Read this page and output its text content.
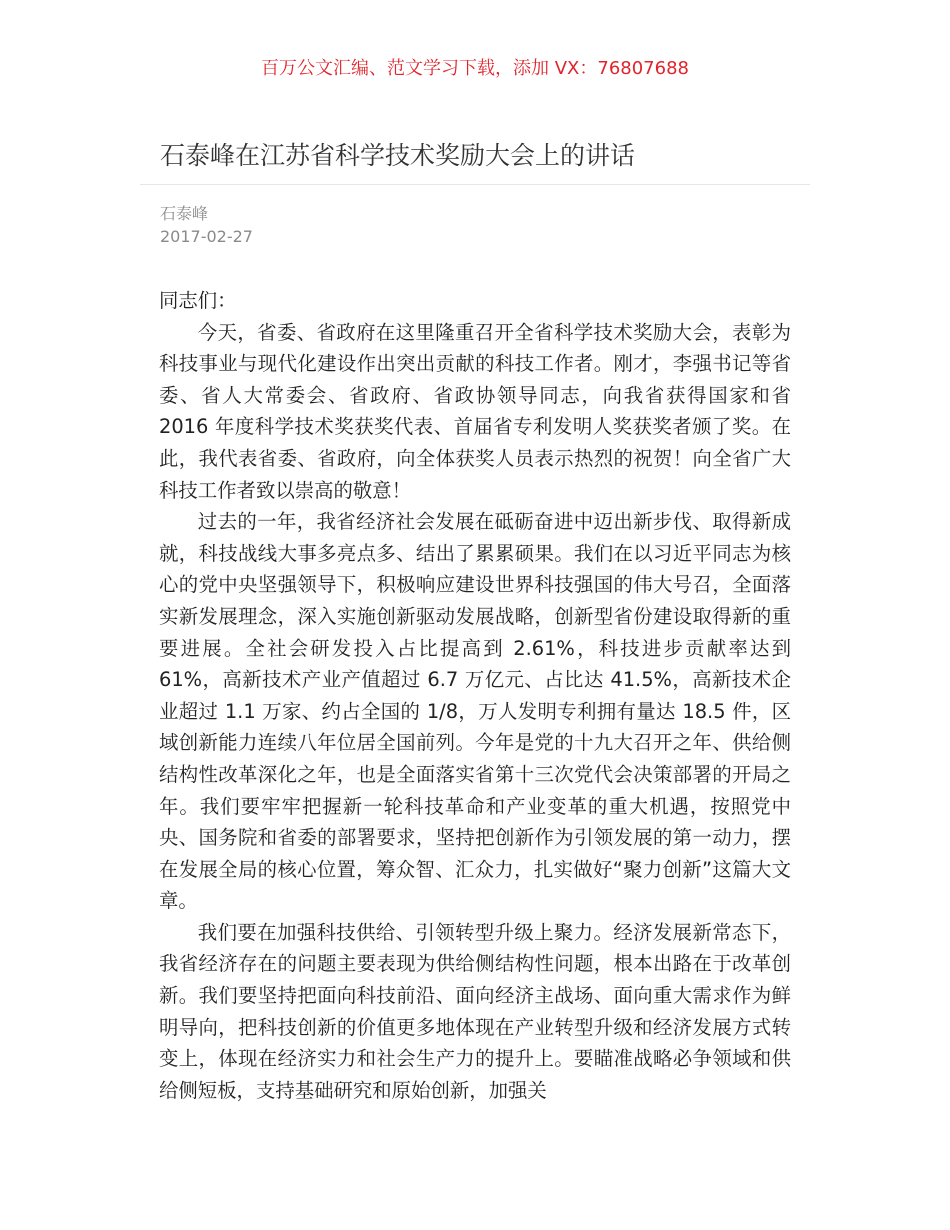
百万公文汇编、范文学习下载，添加 VX：76807688
石泰峰在江苏省科学技术奖励大会上的讲话
石泰峰
2017-02-27

同志们：

今天，省委、省政府在这里隆重召开全省科学技术奖励大会，表彰为科技事业与现代化建设作出突出贡献的科技工作者。刚才，李强书记等省委、省人大常委会、省政府、省政协领导同志，向我省获得国家和省 2016 年度科学技术奖获奖代表、首届省专利发明人奖获奖者颁了奖。在此，我代表省委、省政府，向全体获奖人员表示热烈的祝贺！向全省广大科技工作者致以崇高的敬意！

过去的一年，我省经济社会发展在砥砺奋进中迈出新步伐、取得新成就，科技战线大事多亮点多、结出了累累硕果。我们在以习近平同志为核心的党中央坚强领导下，积极响应建设世界科技强国的伟大号召，全面落实新发展理念，深入实施创新驱动发展战略，创新型省份建设取得新的重要进展。全社会研发投入占比提高到 2.61%，科技进步贡献率达到 61%，高新技术产业产值超过 6.7 万亿元、占比达 41.5%，高新技术企业超过 1.1 万家、约占全国的 1/8，万人发明专利拥有量达 18.5 件，区域创新能力连续八年位居全国前列。今年是党的十九大召开之年、供给侧结构性改革深化之年，也是全面落实省第十三次党代会决策部署的开局之年。我们要牢牢把握新一轮科技革命和产业变革的重大机遇，按照党中央、国务院和省委的部署要求，坚持把创新作为引领发展的第一动力，摆在发展全局的核心位置，筹众智、汇众力，扎实做好“聚力创新”这篇大文章。

我们要在加强科技供给、引领转型升级上聚力。经济发展新常态下，我省经济存在的问题主要表现为供给侧结构性问题，根本出路在于改革创新。我们要坚持把面向科技前沿、面向经济主战场、面向重大需求作为鲜明导向，把科技创新的价值更多地体现在产业转型升级和经济发展方式转变上，体现在经济实力和社会生产力的提升上。要瞄准战略必争领域和供给侧短板，支持基础研究和原始创新，加强关
